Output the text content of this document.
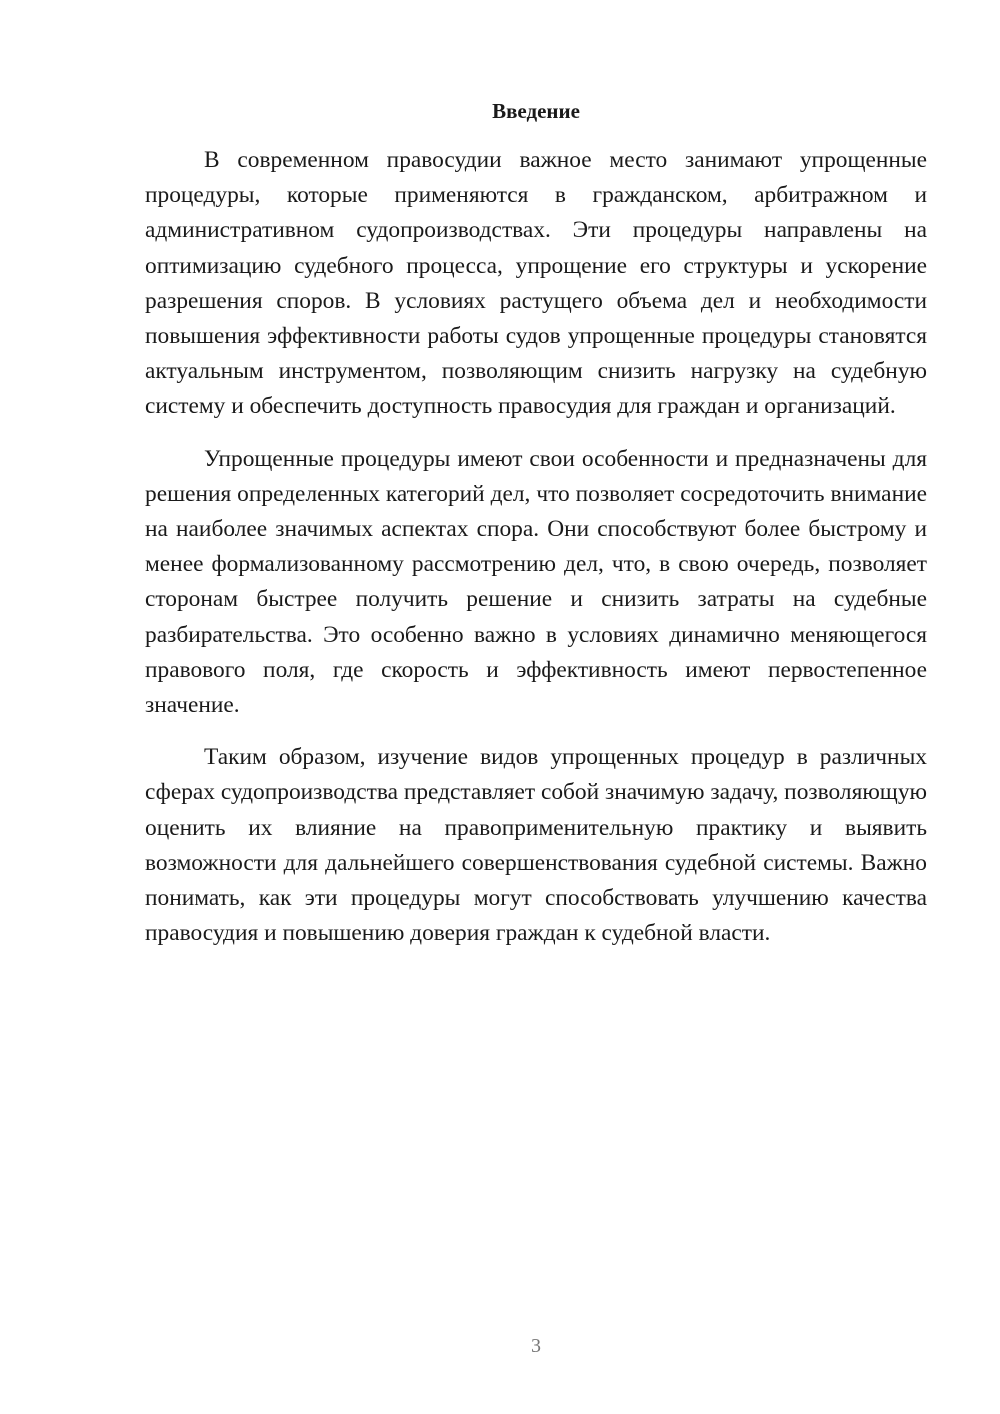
Введение

В современном правосудии важное место занимают упрощенные процедуры, которые применяются в гражданском, арбитражном и административном судопроизводствах. Эти процедуры направлены на оптимизацию судебного процесса, упрощение его структуры и ускорение разрешения споров. В условиях растущего объема дел и необходимости повышения эффективности работы судов упрощенные процедуры становятся актуальным инструментом, позволяющим снизить нагрузку на судебную систему и обеспечить доступность правосудия для граждан и организаций.

Упрощенные процедуры имеют свои особенности и предназначены для решения определенных категорий дел, что позволяет сосредоточить внимание на наиболее значимых аспектах спора. Они способствуют более быстрому и менее формализованному рассмотрению дел, что, в свою очередь, позволяет сторонам быстрее получить решение и снизить затраты на судебные разбирательства. Это особенно важно в условиях динамично меняющегося правового поля, где скорость и эффективность имеют первостепенное значение.

Таким образом, изучение видов упрощенных процедур в различных сферах судопроизводства представляет собой значимую задачу, позволяющую оценить их влияние на правоприменительную практику и выявить возможности для дальнейшего совершенствования судебной системы. Важно понимать, как эти процедуры могут способствовать улучшению качества правосудия и повышению доверия граждан к судебной власти.

3
